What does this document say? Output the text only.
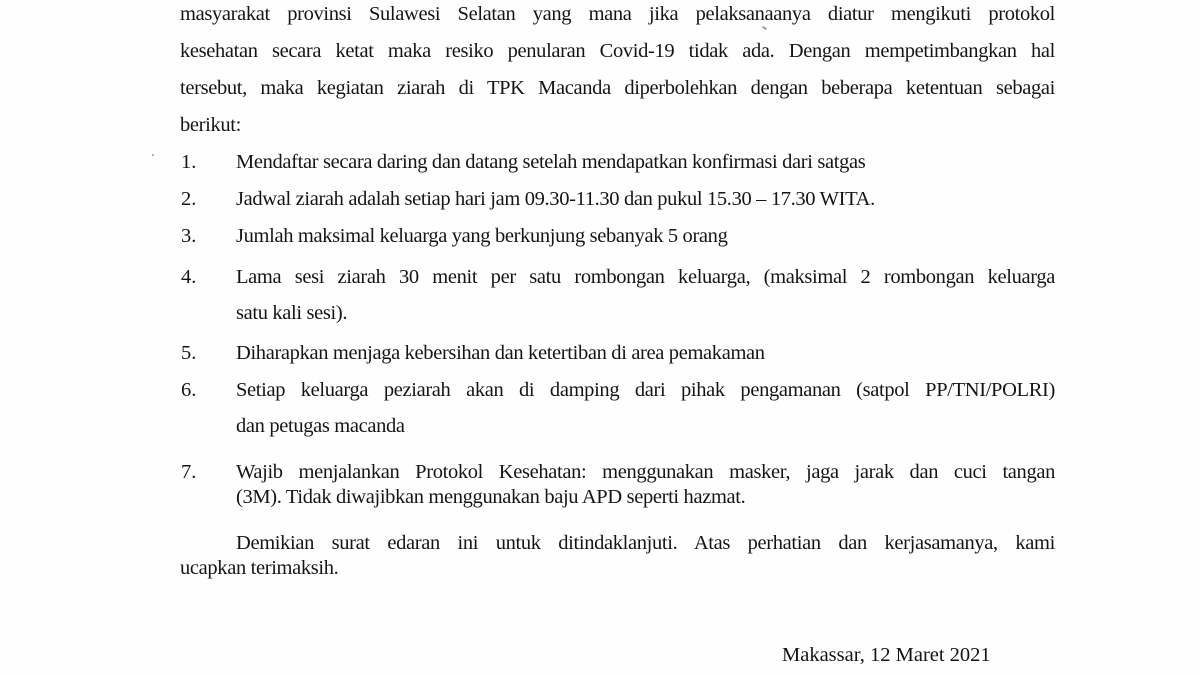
masyarakat provinsi Sulawesi Selatan yang mana jika pelaksanaanya diatur mengikuti protokol
kesehatan secara ketat maka resiko penularan Covid-19 tidak ada. Dengan mempetimbangkan hal
tersebut, maka kegiatan ziarah di TPK Macanda diperbolehkan dengan beberapa ketentuan sebagai
berikut:
1. Mendaftar secara daring dan datang setelah mendapatkan konfirmasi dari satgas
2. Jadwal ziarah adalah setiap hari jam 09.30-11.30 dan pukul 15.30 – 17.30 WITA.
3. Jumlah maksimal keluarga yang berkunjung sebanyak 5 orang
4. Lama sesi ziarah 30 menit per satu rombongan keluarga, (maksimal 2 rombongan keluarga
satu kali sesi).
5. Diharapkan menjaga kebersihan dan ketertiban di area pemakaman
6. Setiap keluarga peziarah akan di damping dari pihak pengamanan (satpol PP/TNI/POLRI)
dan petugas macanda
7. Wajib menjalankan Protokol Kesehatan: menggunakan masker, jaga jarak dan cuci tangan
(3M). Tidak diwajibkan menggunakan baju APD seperti hazmat.
Demikian surat edaran ini untuk ditindaklanjuti. Atas perhatian dan kerjasamanya, kami
ucapkan terimaksih.
Makassar, 12 Maret 2021
